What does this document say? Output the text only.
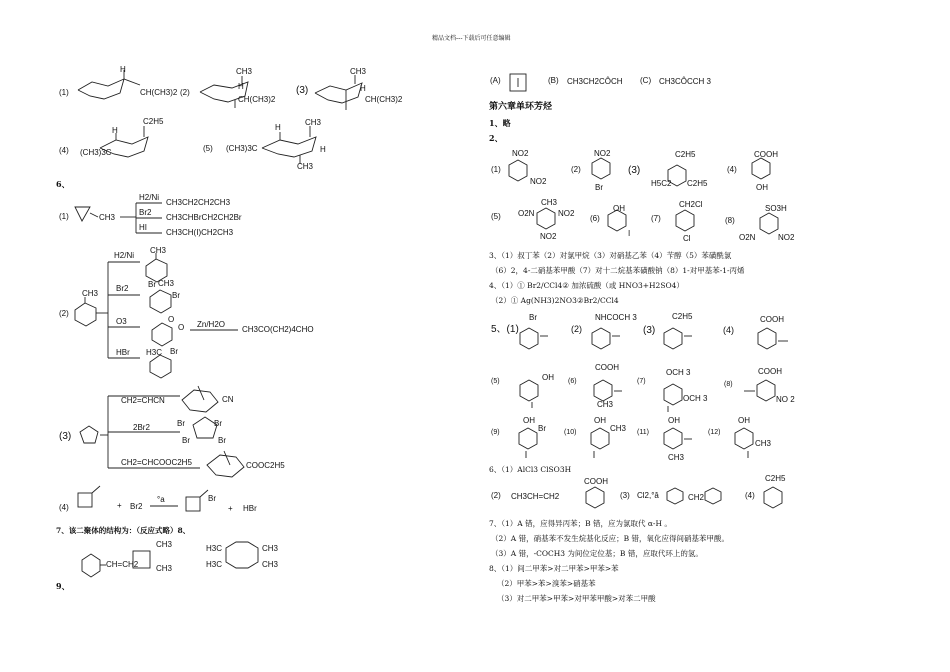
精品文档---下载后可任意编辑
(1)
H
CH(CH3)2 (2)
CH3
H
CH(CH3)2
(3)
CH3
H
CH(CH3)2
(4)
H
C2H5
(CH3)3C	(5)
H
CH3
(CH3)3C	H
CH3
6、
(1)	CH3
H2/Ni
Br2
HI
CH3CH2CH2CH3
CH3CHBrCH2CH2Br
CH3CH(I)CH2CH3
(2)
CH3
H2/Ni
Br2
O3
HBr
CH3
Br CH3
Br
O
O
H3C Br
Zn/H2O
CH3CO(CH2)4CHO
(3)
CH2=CHCN
2Br2
CH2=CHCOOC2H5
CN
Br	Br
Br	Br
COOC2H5
(4)	+ Br2
°a	Br
+ HBr
7、该二聚体的结构为：（反应式略）8、
CH=CH2
CH3
CH3
H3C
H3C
CH3
CH3
9、
(A)	(B) CH3CH2CÔCH (C) CH3CÔCCH 3
第六章单环芳烃
1、略
2、
(1)	(2)	(3)	(4)
NO2
NO2
NO2
Br
C2H5
H5C2 C2H5
COOH
OH
(5)	(6)	(7)	(8)
CH3
O2N	NO2
NO2
OH
I
CH2Cl
Cl
SO3H
O2N	NO2
3、（1）叔丁苯（2）对氯甲烷（3）对硝基乙苯（4）苄醇（5）苯磺酰氯
（6）2，4-二硝基苯甲酸（7）对十二烷基苯磺酸钠（8）1-对甲基苯-1-丙烯
4、（1）① Br2/CCl4② 加浓硫酸（或 HNO3+H2SO4）
（2）① Ag(NH3)2NO3②Br2/CCl4
5、(1)	(2)	(3)	(4)
Br	NHCOCH 3	C2H5	COOH
(5)	(6)	(7)	(8)
OH
COOH
CH3
OCH 3
OCH 3
COOH
NO 2
(9)	(10)	(11)	(12)
OH
Br
OH
CH3
OH
CH3
OH
CH3
6、（1）AlCl3 ClSO3H
(2) CH3CH=CH2
COOH
(3) Cl2,°â	CH2	(4)
C2H5
7、（1）A 错，应得异丙苯；B 错，应为氯取代 α-H 。
（2）A 错，硝基苯不发生烷基化反应；B 错，氧化应得间硝基苯甲酸。
（3）A 错，-COCH3 为间位定位基；B 错，应取代环上的氢。
8、（1）间二甲苯>对二甲苯>甲苯>苯
（2）甲苯>苯>溴苯>硝基苯
（3）对二甲苯>甲苯>对甲苯甲酸>对苯二甲酸
